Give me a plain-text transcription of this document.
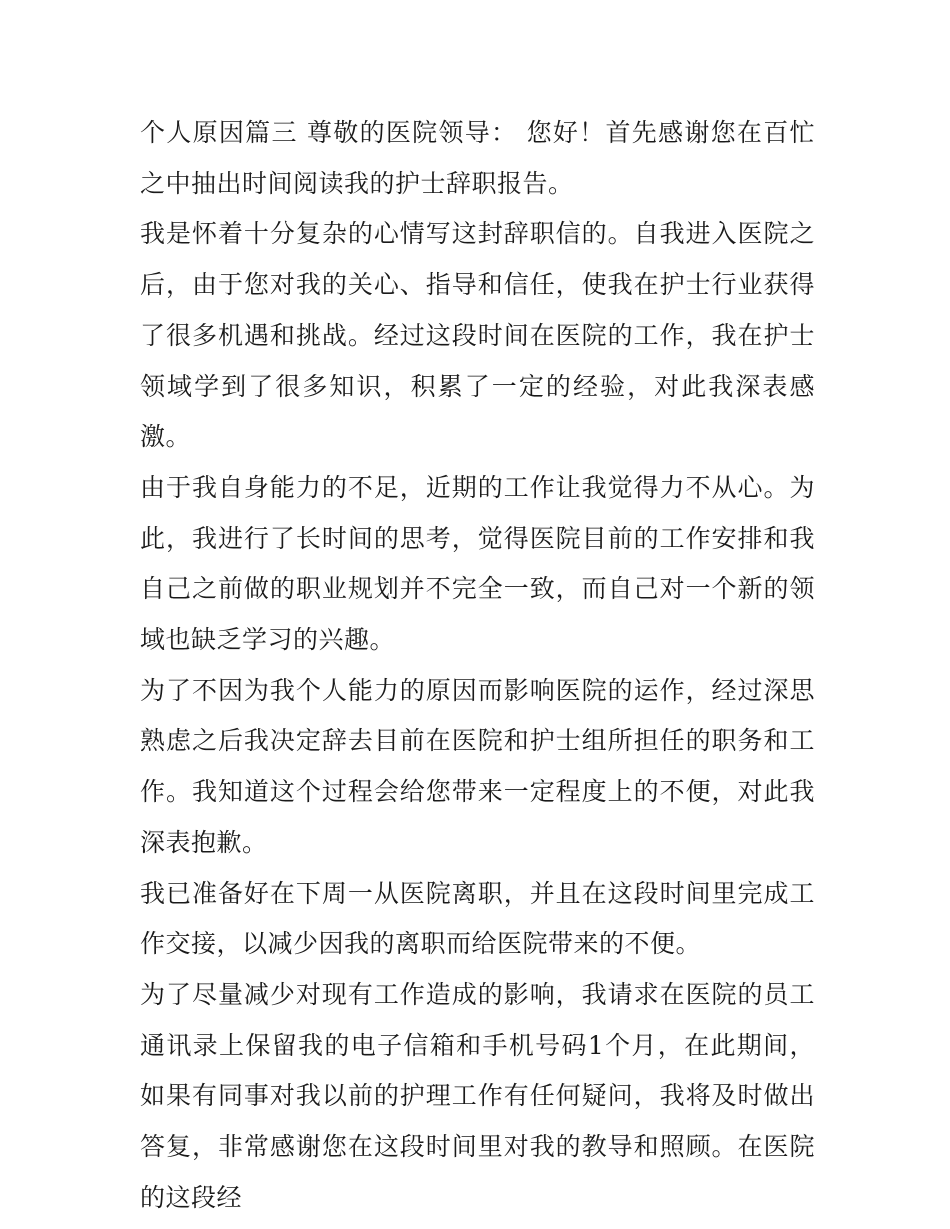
个人原因篇三 尊敬的医院领导： 您好！首先感谢您在百忙之中抽出时间阅读我的护士辞职报告。

我是怀着十分复杂的心情写这封辞职信的。自我进入医院之后，由于您对我的关心、指导和信任，使我在护士行业获得了很多机遇和挑战。经过这段时间在医院的工作，我在护士领域学到了很多知识，积累了一定的经验，对此我深表感激。

由于我自身能力的不足，近期的工作让我觉得力不从心。为此，我进行了长时间的思考，觉得医院目前的工作安排和我自己之前做的职业规划并不完全一致，而自己对一个新的领域也缺乏学习的兴趣。

为了不因为我个人能力的原因而影响医院的运作，经过深思熟虑之后我决定辞去目前在医院和护士组所担任的职务和工作。我知道这个过程会给您带来一定程度上的不便，对此我深表抱歉。

我已准备好在下周一从医院离职，并且在这段时间里完成工作交接，以减少因我的离职而给医院带来的不便。

为了尽量减少对现有工作造成的影响，我请求在医院的员工通讯录上保留我的电子信箱和手机号码1个月，在此期间，如果有同事对我以前的护理工作有任何疑问，我将及时做出答复，非常感谢您在这段时间里对我的教导和照顾。在医院的这段经
